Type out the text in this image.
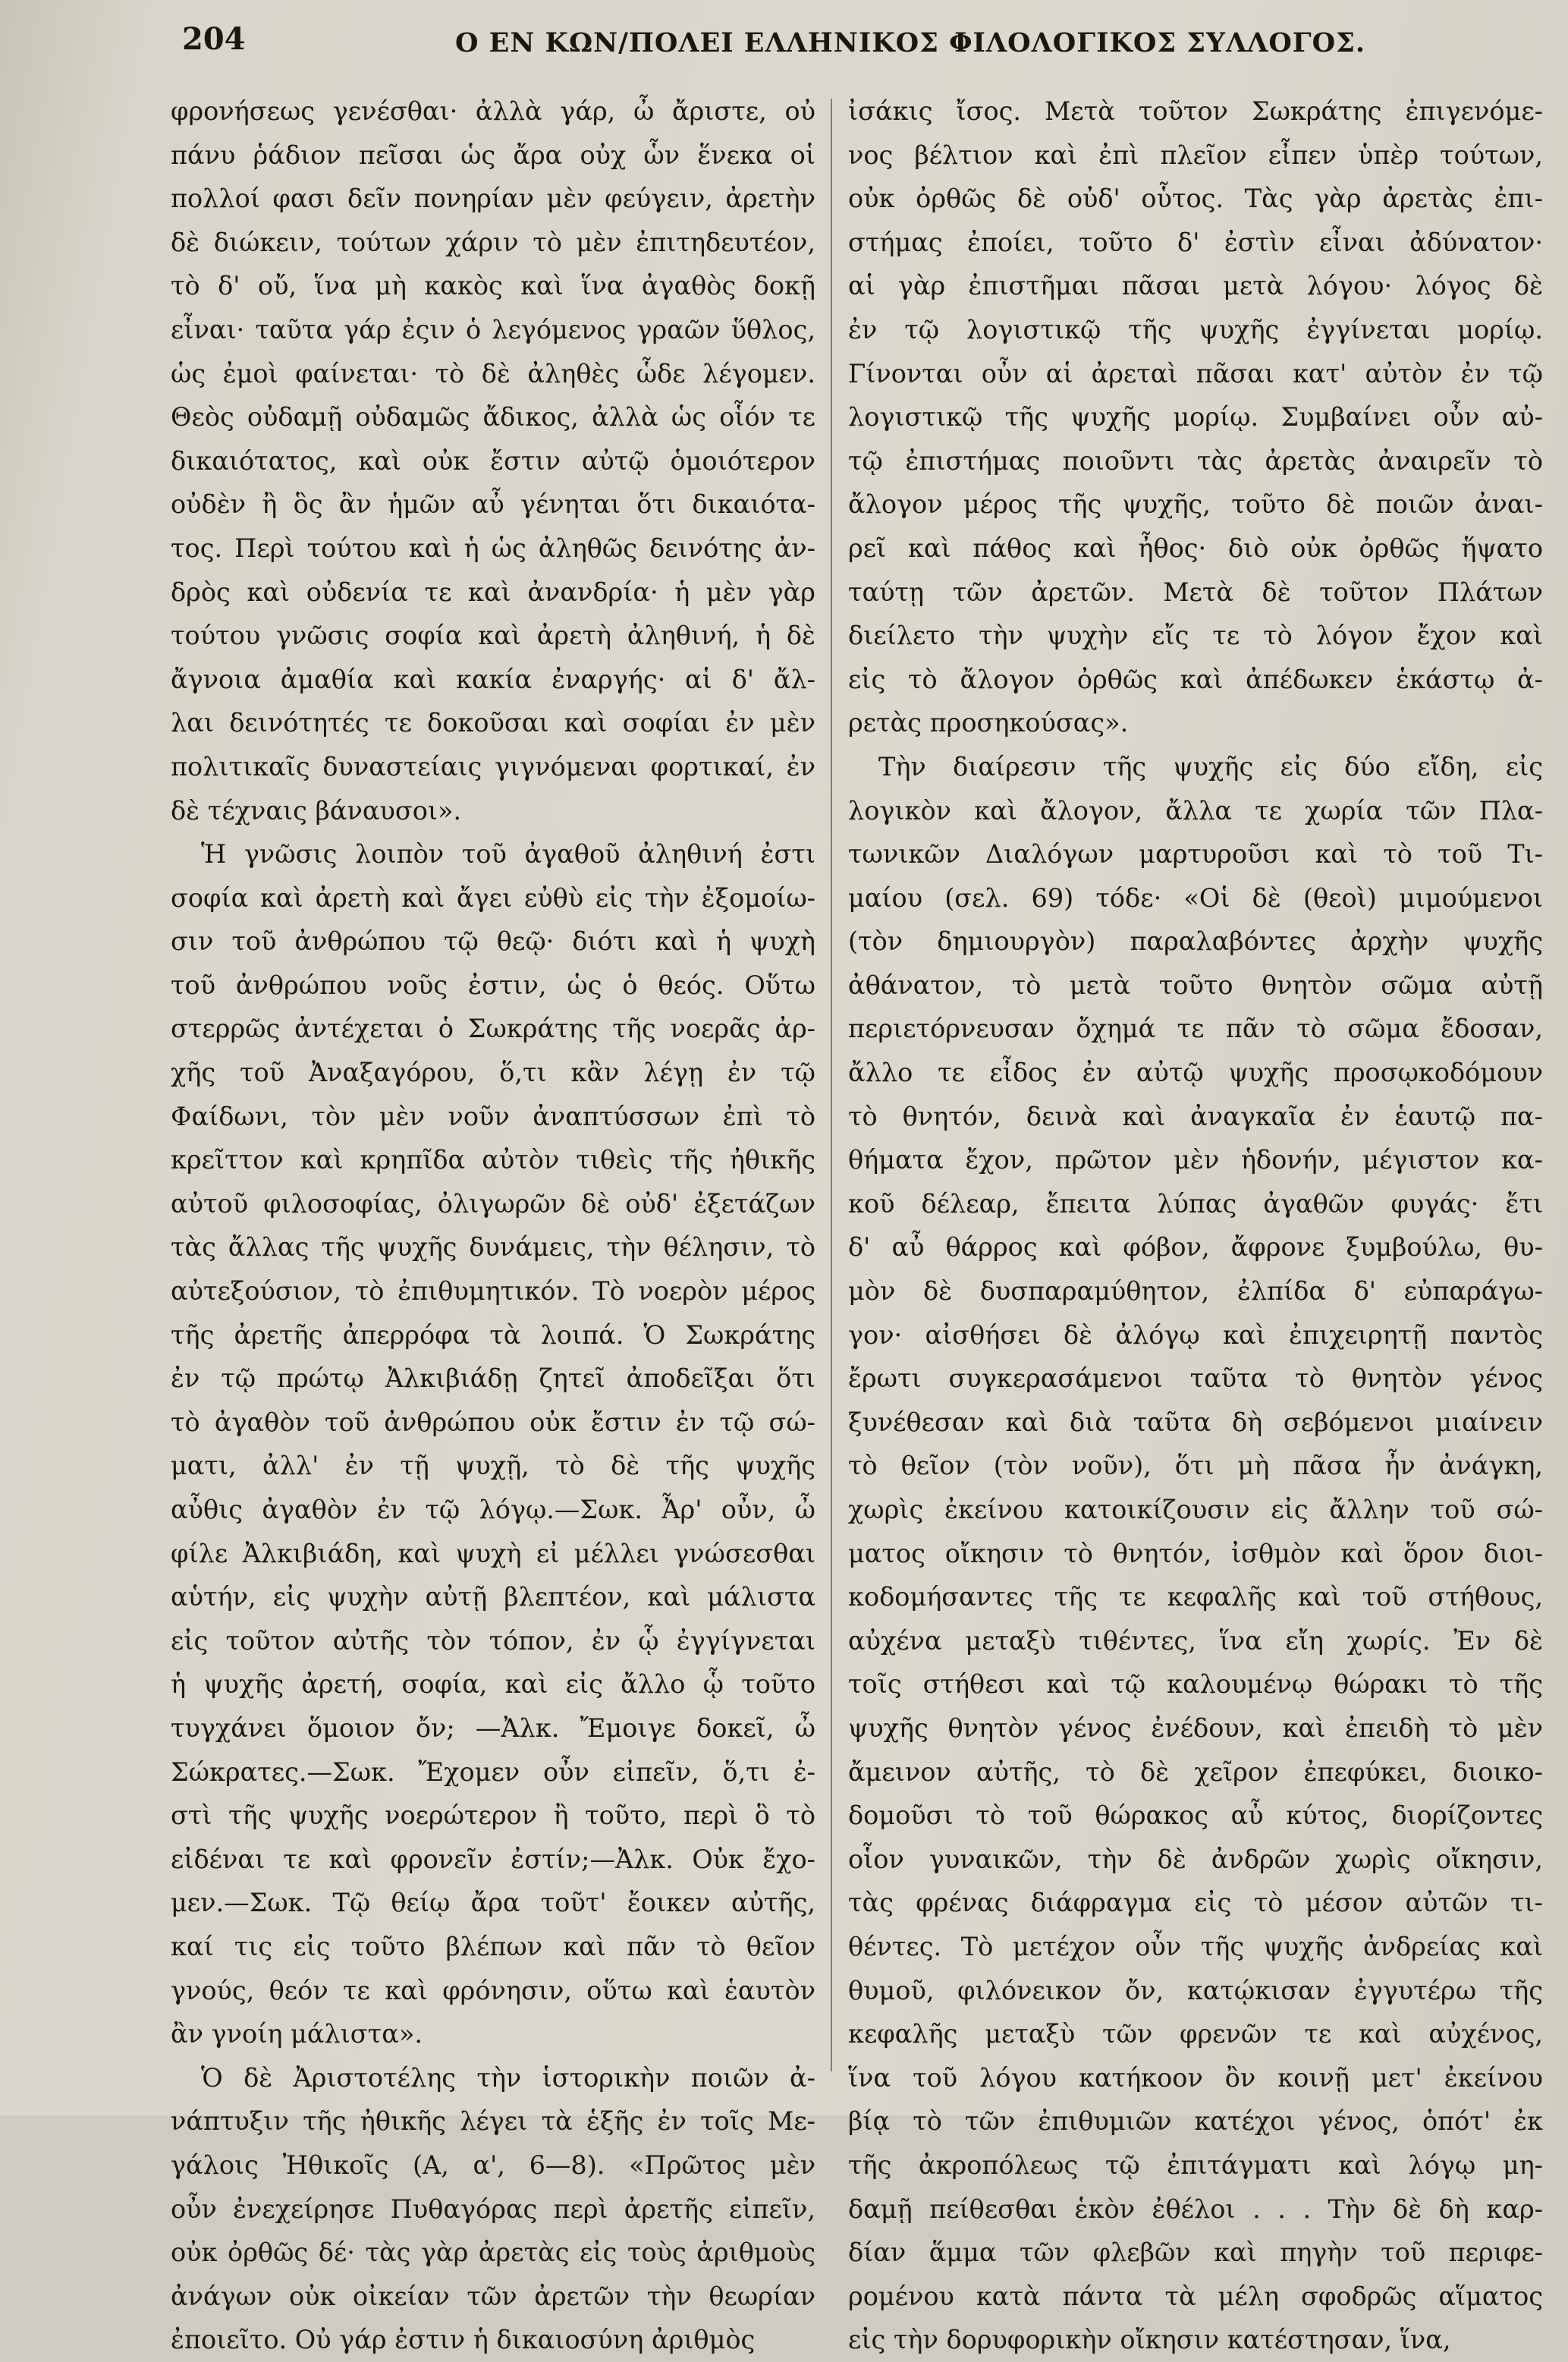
204	Ο ΕΝ ΚΩΝ/ΠΟΛΕΙ ΕΛΛΗΝΙΚΟΣ ΦΙΛΟΛΟΓΙΚΟΣ ΣΥΛΛΟΓΟΣ.

φρονήσεως γενέσθαι· ἀλλὰ γάρ, ὦ ἄριστε, οὐ
πάνυ ῥάδιον πεῖσαι ὡς ἄρα οὐχ ὧν ἕνεκα οἱ
πολλοί φασι δεῖν πονηρίαν μὲν φεύγειν, ἀρετὴν
δὲ διώκειν, τούτων χάριν τὸ μὲν ἐπιτηδευτέον,
τὸ δ' οὔ, ἵνα μὴ κακὸς καὶ ἵνα ἀγαθὸς δοκῇ
εἶναι· ταῦτα γάρ ἐςιν ὁ λεγόμενος γραῶν ὕθλος,
ὡς ἐμοὶ φαίνεται· τὸ δὲ ἀληθὲς ὧδε λέγομεν.
Θεὸς οὐδαμῇ οὐδαμῶς ἄδικος, ἀλλὰ ὡς οἷόν τε
δικαιότατος, καὶ οὐκ ἔστιν αὐτῷ ὁμοιότερον
οὐδὲν ἢ ὃς ἂν ἡμῶν αὖ γένηται ὅτι δικαιότα-
τος. Περὶ τούτου καὶ ἡ ὡς ἀληθῶς δεινότης ἀν-
δρὸς καὶ οὐδενία τε καὶ ἀνανδρία· ἡ μὲν γὰρ
τούτου γνῶσις σοφία καὶ ἀρετὴ ἀληθινή, ἡ δὲ
ἄγνοια ἀμαθία καὶ κακία ἐναργής· αἱ δ' ἄλ-
λαι δεινότητές τε δοκοῦσαι καὶ σοφίαι ἐν μὲν
πολιτικαῖς δυναστείαις γιγνόμεναι φορτικαί, ἐν
δὲ τέχναις βάναυσοι».

Ἡ γνῶσις λοιπὸν τοῦ ἀγαθοῦ ἀληθινή ἐστι
σοφία καὶ ἀρετὴ καὶ ἄγει εὐθὺ εἰς τὴν ἐξομοίω-
σιν τοῦ ἀνθρώπου τῷ θεῷ· διότι καὶ ἡ ψυχὴ
τοῦ ἀνθρώπου νοῦς ἐστιν, ὡς ὁ θεός. Οὕτω
στερρῶς ἀντέχεται ὁ Σωκράτης τῆς νοερᾶς ἀρ-
χῆς τοῦ Ἀναξαγόρου, ὅ,τι κἂν λέγῃ ἐν τῷ
Φαίδωνι, τὸν μὲν νοῦν ἀναπτύσσων ἐπὶ τὸ
κρεῖττον καὶ κρηπῖδα αὐτὸν τιθεὶς τῆς ἠθικῆς
αὐτοῦ φιλοσοφίας, ὀλιγωρῶν δὲ οὐδ' ἐξετάζων
τὰς ἄλλας τῆς ψυχῆς δυνάμεις, τὴν θέλησιν, τὸ
αὐτεξούσιον, τὸ ἐπιθυμητικόν. Τὸ νοερὸν μέρος
τῆς ἀρετῆς ἀπερρόφα τὰ λοιπά. Ὁ Σωκράτης
ἐν τῷ πρώτῳ Ἀλκιβιάδῃ ζητεῖ ἀποδεῖξαι ὅτι
τὸ ἀγαθὸν τοῦ ἀνθρώπου οὐκ ἔστιν ἐν τῷ σώ-
ματι, ἀλλ' ἐν τῇ ψυχῇ, τὸ δὲ τῆς ψυχῆς
αὖθις ἀγαθὸν ἐν τῷ λόγῳ.—Σωκ. Ἆρ' οὖν, ὦ
φίλε Ἀλκιβιάδη, καὶ ψυχὴ εἰ μέλλει γνώσεσθαι
αὑτήν, εἰς ψυχὴν αὐτῇ βλεπτέον, καὶ μάλιστα
εἰς τοῦτον αὐτῆς τὸν τόπον, ἐν ᾧ ἐγγίγνεται
ἡ ψυχῆς ἀρετή, σοφία, καὶ εἰς ἄλλο ᾧ τοῦτο
τυγχάνει ὅμοιον ὄν; —Ἀλκ. Ἔμοιγε δοκεῖ, ὦ
Σώκρατες.—Σωκ. Ἔχομεν οὖν εἰπεῖν, ὅ,τι ἐ-
στὶ τῆς ψυχῆς νοερώτερον ἢ τοῦτο, περὶ ὃ τὸ
εἰδέναι τε καὶ φρονεῖν ἐστίν;—Ἀλκ. Οὐκ ἔχο-
μεν.—Σωκ. Τῷ θείῳ ἄρα τοῦτ' ἔοικεν αὐτῆς,
καί τις εἰς τοῦτο βλέπων καὶ πᾶν τὸ θεῖον
γνούς, θεόν τε καὶ φρόνησιν, οὕτω καὶ ἑαυτὸν
ἂν γνοίη μάλιστα».

Ὁ δὲ Ἀριστοτέλης τὴν ἱστορικὴν ποιῶν ἀ-
νάπτυξιν τῆς ἠθικῆς λέγει τὰ ἑξῆς ἐν τοῖς Με-
γάλοις Ἠθικοῖς (Α, α', 6—8). «Πρῶτος μὲν
οὖν ἐνεχείρησε Πυθαγόρας περὶ ἀρετῆς εἰπεῖν,
οὐκ ὀρθῶς δέ· τὰς γὰρ ἀρετὰς εἰς τοὺς ἀριθμοὺς
ἀνάγων οὐκ οἰκείαν τῶν ἀρετῶν τὴν θεωρίαν
ἐποιεῖτο. Οὐ γάρ ἐστιν ἡ δικαιοσύνη ἀριθμὸς

ἰσάκις ἴσος. Μετὰ τοῦτον Σωκράτης ἐπιγενόμε-
νος βέλτιον καὶ ἐπὶ πλεῖον εἶπεν ὑπὲρ τούτων,
οὐκ ὀρθῶς δὲ οὐδ' οὗτος. Τὰς γὰρ ἀρετὰς ἐπι-
στήμας ἐποίει, τοῦτο δ' ἐστὶν εἶναι ἀδύνατον·
αἱ γὰρ ἐπιστῆμαι πᾶσαι μετὰ λόγου· λόγος δὲ
ἐν τῷ λογιστικῷ τῆς ψυχῆς ἐγγίνεται μορίῳ.
Γίνονται οὖν αἱ ἀρεταὶ πᾶσαι κατ' αὐτὸν ἐν τῷ
λογιστικῷ τῆς ψυχῆς μορίῳ. Συμβαίνει οὖν αὐ-
τῷ ἐπιστήμας ποιοῦντι τὰς ἀρετὰς ἀναιρεῖν τὸ
ἄλογον μέρος τῆς ψυχῆς, τοῦτο δὲ ποιῶν ἀναι-
ρεῖ καὶ πάθος καὶ ἦθος· διὸ οὐκ ὀρθῶς ἥψατο
ταύτῃ τῶν ἀρετῶν. Μετὰ δὲ τοῦτον Πλάτων
διείλετο τὴν ψυχὴν εἴς τε τὸ λόγον ἔχον καὶ
εἰς τὸ ἄλογον ὀρθῶς καὶ ἀπέδωκεν ἑκάστῳ ἀ-
ρετὰς προσηκούσας».

Τὴν διαίρεσιν τῆς ψυχῆς εἰς δύο εἴδη, εἰς
λογικὸν καὶ ἄλογον, ἄλλα τε χωρία τῶν Πλα-
τωνικῶν Διαλόγων μαρτυροῦσι καὶ τὸ τοῦ Τι-
μαίου (σελ. 69) τόδε· «Οἱ δὲ (θεοὶ) μιμούμενοι
(τὸν δημιουργὸν) παραλαβόντες ἀρχὴν ψυχῆς
ἀθάνατον, τὸ μετὰ τοῦτο θνητὸν σῶμα αὐτῇ
περιετόρνευσαν ὄχημά τε πᾶν τὸ σῶμα ἔδοσαν,
ἄλλο τε εἶδος ἐν αὐτῷ ψυχῆς προσῳκοδόμουν
τὸ θνητόν, δεινὰ καὶ ἀναγκαῖα ἐν ἑαυτῷ πα-
θήματα ἔχον, πρῶτον μὲν ἡδονήν, μέγιστον κα-
κοῦ δέλεαρ, ἔπειτα λύπας ἀγαθῶν φυγάς· ἔτι
δ' αὖ θάρρος καὶ φόβον, ἄφρονε ξυμβούλω, θυ-
μὸν δὲ δυσπαραμύθητον, ἐλπίδα δ' εὐπαράγω-
γον· αἰσθήσει δὲ ἀλόγῳ καὶ ἐπιχειρητῇ παντὸς
ἔρωτι συγκερασάμενοι ταῦτα τὸ θνητὸν γένος
ξυνέθεσαν καὶ διὰ ταῦτα δὴ σεβόμενοι μιαίνειν
τὸ θεῖον (τὸν νοῦν), ὅτι μὴ πᾶσα ἦν ἀνάγκη,
χωρὶς ἐκείνου κατοικίζουσιν εἰς ἄλλην τοῦ σώ-
ματος οἴκησιν τὸ θνητόν, ἰσθμὸν καὶ ὅρον διοι-
κοδομήσαντες τῆς τε κεφαλῆς καὶ τοῦ στήθους,
αὐχένα μεταξὺ τιθέντες, ἵνα εἴη χωρίς. Ἐν δὲ
τοῖς στήθεσι καὶ τῷ καλουμένῳ θώρακι τὸ τῆς
ψυχῆς θνητὸν γένος ἐνέδουν, καὶ ἐπειδὴ τὸ μὲν
ἄμεινον αὐτῆς, τὸ δὲ χεῖρον ἐπεφύκει, διοικο-
δομοῦσι τὸ τοῦ θώρακος αὖ κύτος, διορίζοντες
οἷον γυναικῶν, τὴν δὲ ἀνδρῶν χωρὶς οἴκησιν,
τὰς φρένας διάφραγμα εἰς τὸ μέσον αὐτῶν τι-
θέντες. Τὸ μετέχον οὖν τῆς ψυχῆς ἀνδρείας καὶ
θυμοῦ, φιλόνεικον ὄν, κατῴκισαν ἐγγυτέρω τῆς
κεφαλῆς μεταξὺ τῶν φρενῶν τε καὶ αὐχένος,
ἵνα τοῦ λόγου κατήκοον ὂν κοινῇ μετ' ἐκείνου
βίᾳ τὸ τῶν ἐπιθυμιῶν κατέχοι γένος, ὁπότ' ἐκ
τῆς ἀκροπόλεως τῷ ἐπιτάγματι καὶ λόγῳ μη-
δαμῇ πείθεσθαι ἑκὸν ἐθέλοι . . . Τὴν δὲ δὴ καρ-
δίαν ἅμμα τῶν φλεβῶν καὶ πηγὴν τοῦ περιφε-
ρομένου κατὰ πάντα τὰ μέλη σφοδρῶς αἵματος
εἰς τὴν δορυφορικὴν οἴκησιν κατέστησαν, ἵνα,
